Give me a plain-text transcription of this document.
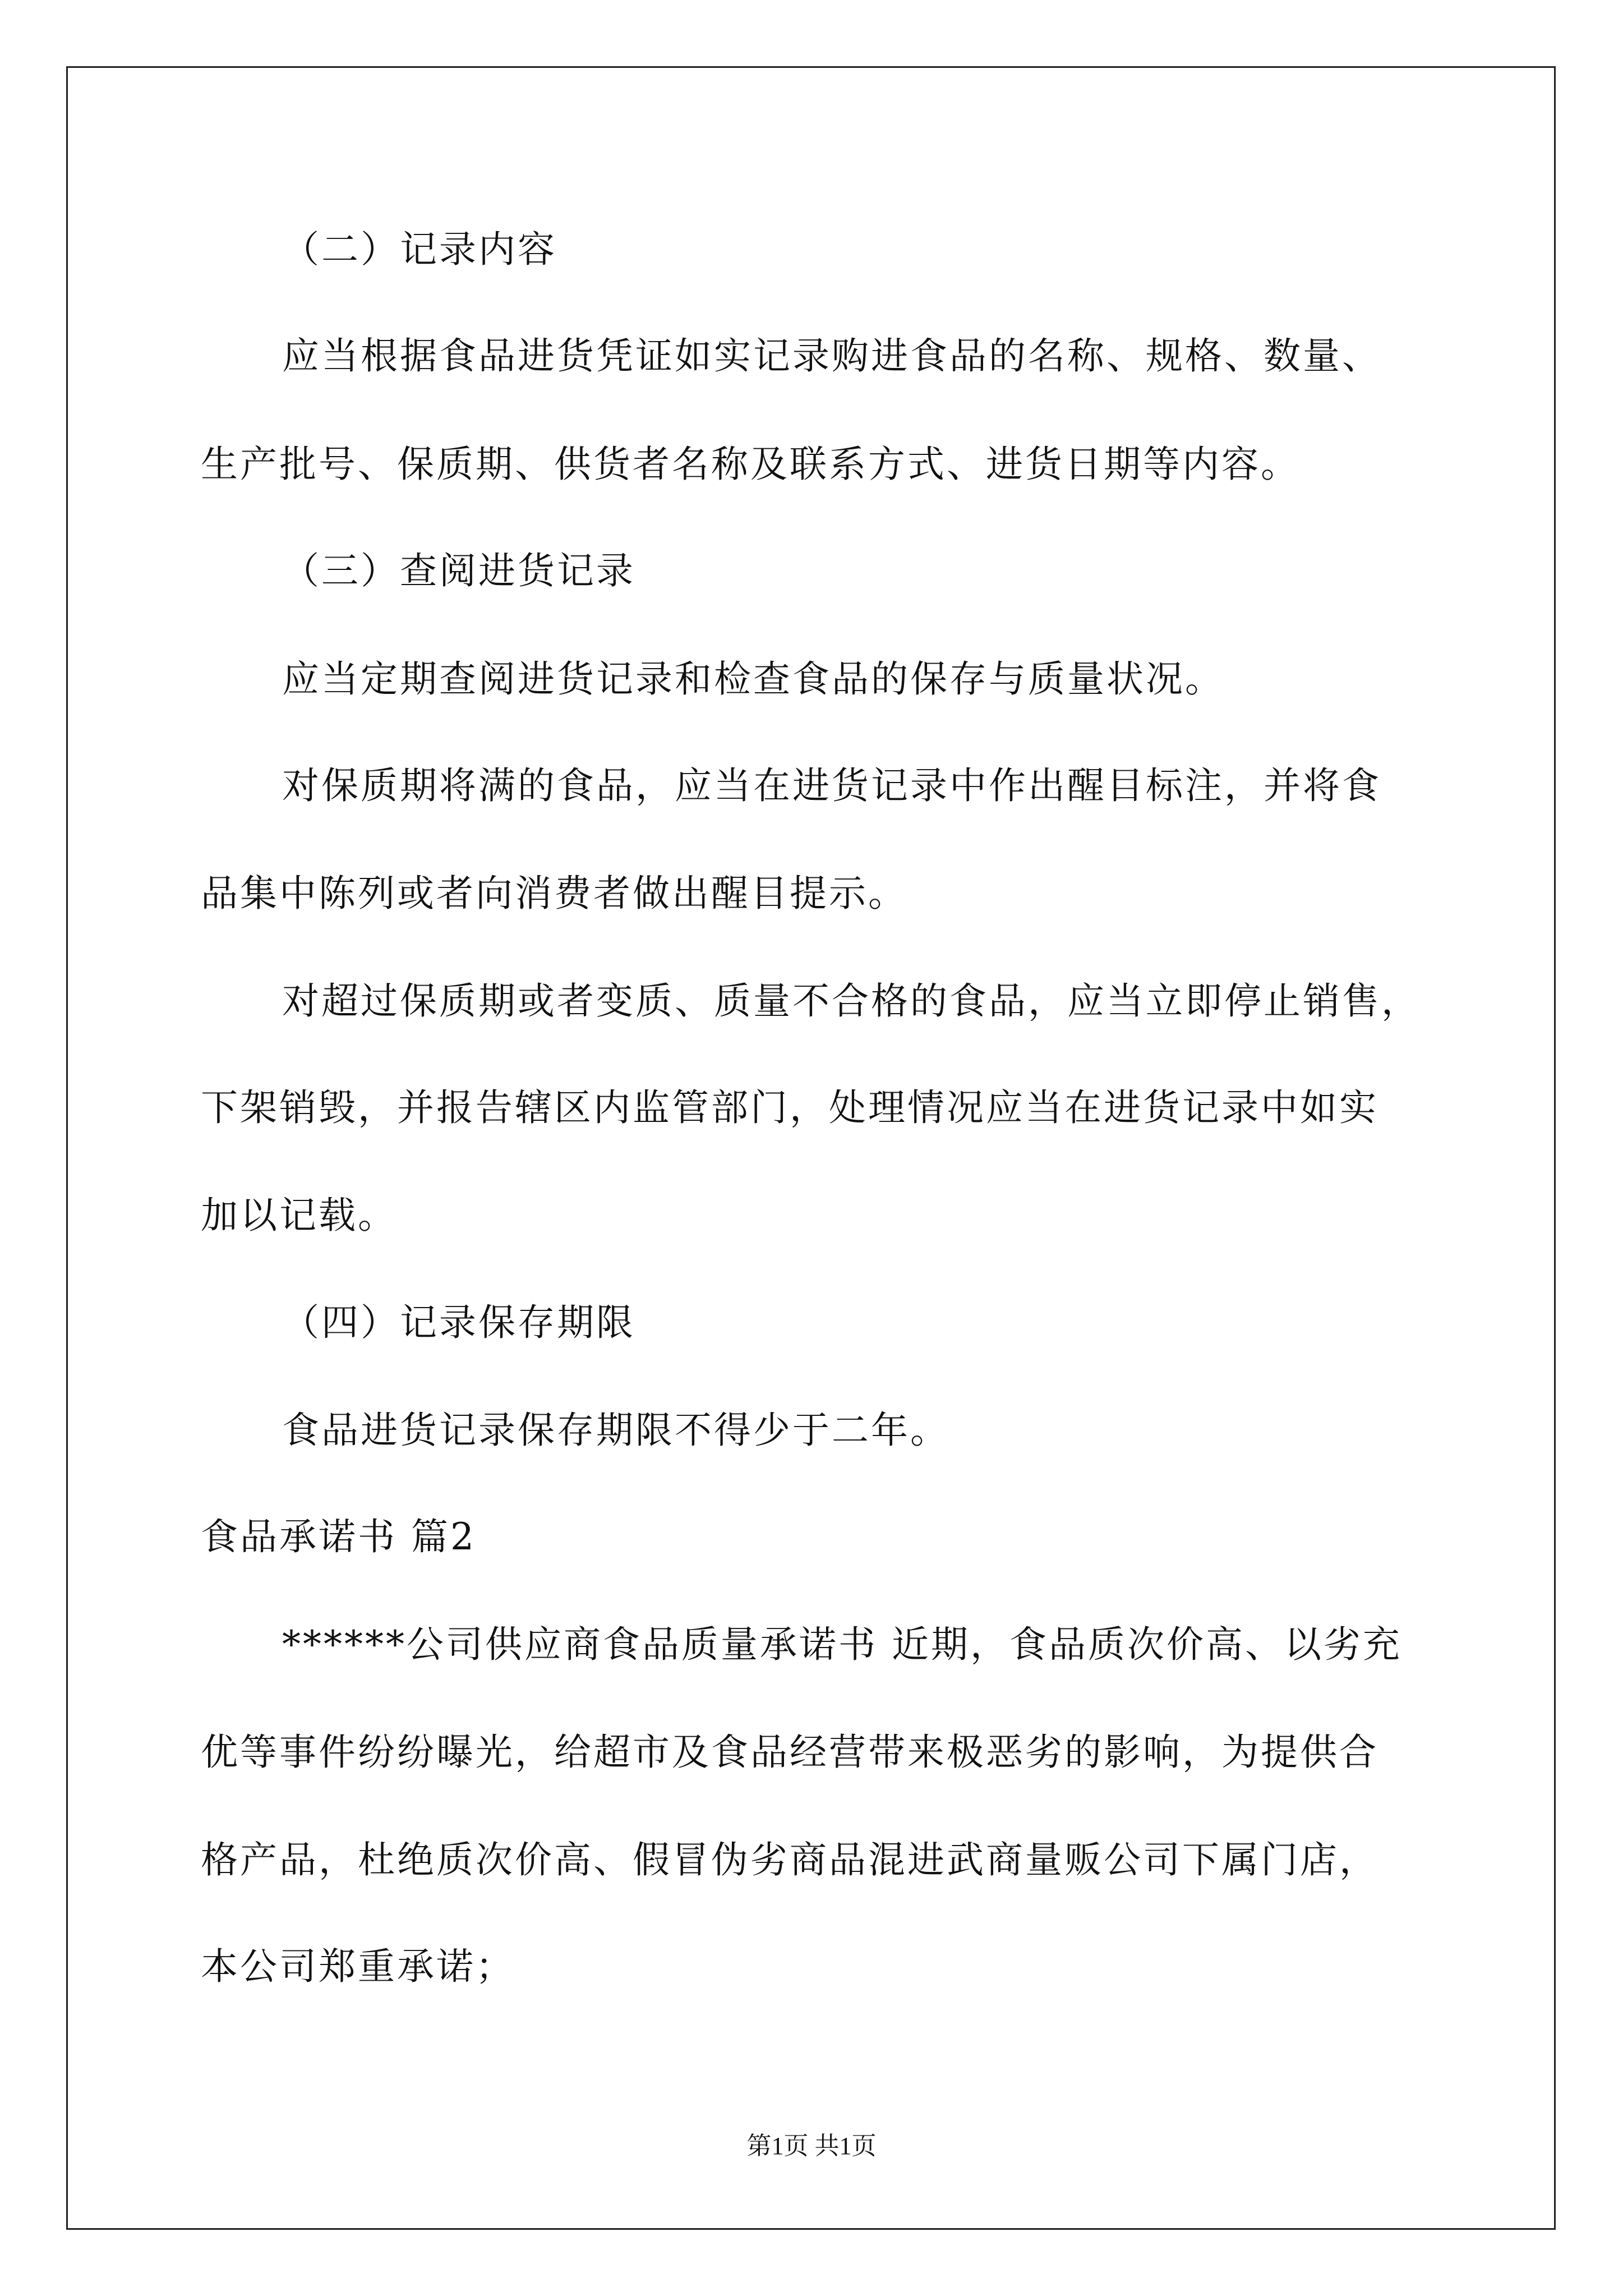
（二）记录内容
应当根据食品进货凭证如实记录购进食品的名称、规格、数量、
生产批号、保质期、供货者名称及联系方式、进货日期等内容。
（三）查阅进货记录
应当定期查阅进货记录和检查食品的保存与质量状况。
对保质期将满的食品，应当在进货记录中作出醒目标注，并将食
品集中陈列或者向消费者做出醒目提示。
对超过保质期或者变质、质量不合格的食品，应当立即停止销售，
下架销毁，并报告辖区内监管部门，处理情况应当在进货记录中如实
加以记载。
（四）记录保存期限
食品进货记录保存期限不得少于二年。
食品承诺书 篇2
******公司供应商食品质量承诺书 近期，食品质次价高、以劣充
优等事件纷纷曝光，给超市及食品经营带来极恶劣的影响，为提供合
格产品，杜绝质次价高、假冒伪劣商品混进武商量贩公司下属门店，
本公司郑重承诺；
第1页 共1页
